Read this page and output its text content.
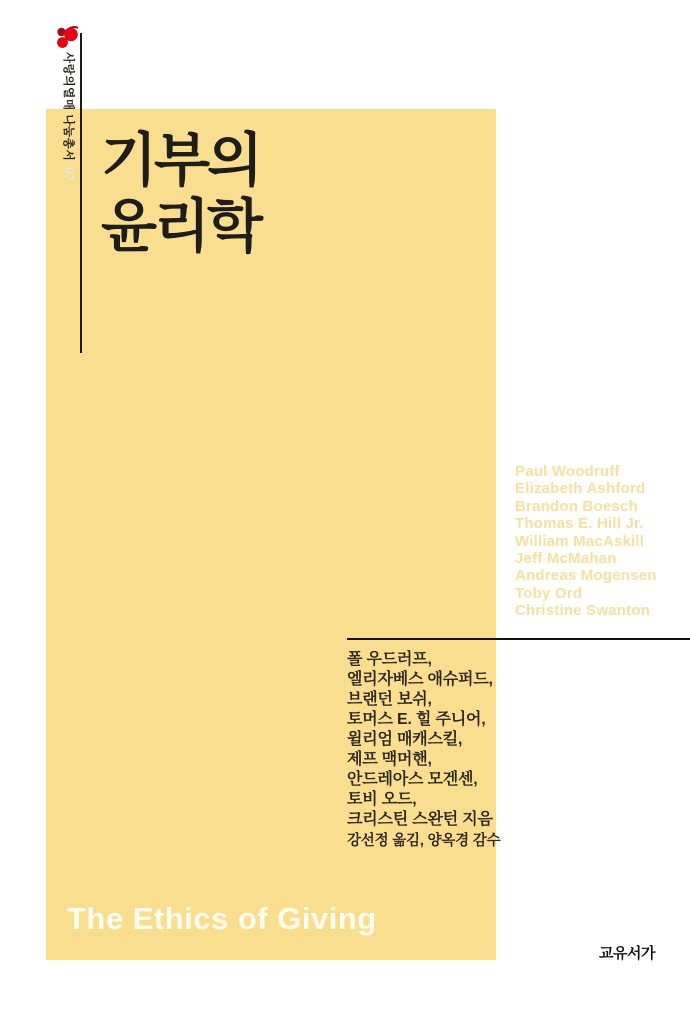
사랑의열매 나눔총서07 기부의
윤리학
Paul Woodruff
Elizabeth Ashford
Brandon Boesch
Thomas E. Hill Jr.
William MacAskill
Jeff McMahan
Andreas Mogensen
Toby Ord
Christine Swanton
폴 우드러프,
엘리자베스 애슈퍼드,
브랜던 보쉬,
토머스 E. 힐 주니어,
윌리엄 매캐스킬,
제프 맥머핸,
안드레아스 모겐센,
토비 오드,
크리스틴 스완턴 지음
강선정 옮김, 양옥경 감수
The Ethics of Giving
교유서가
